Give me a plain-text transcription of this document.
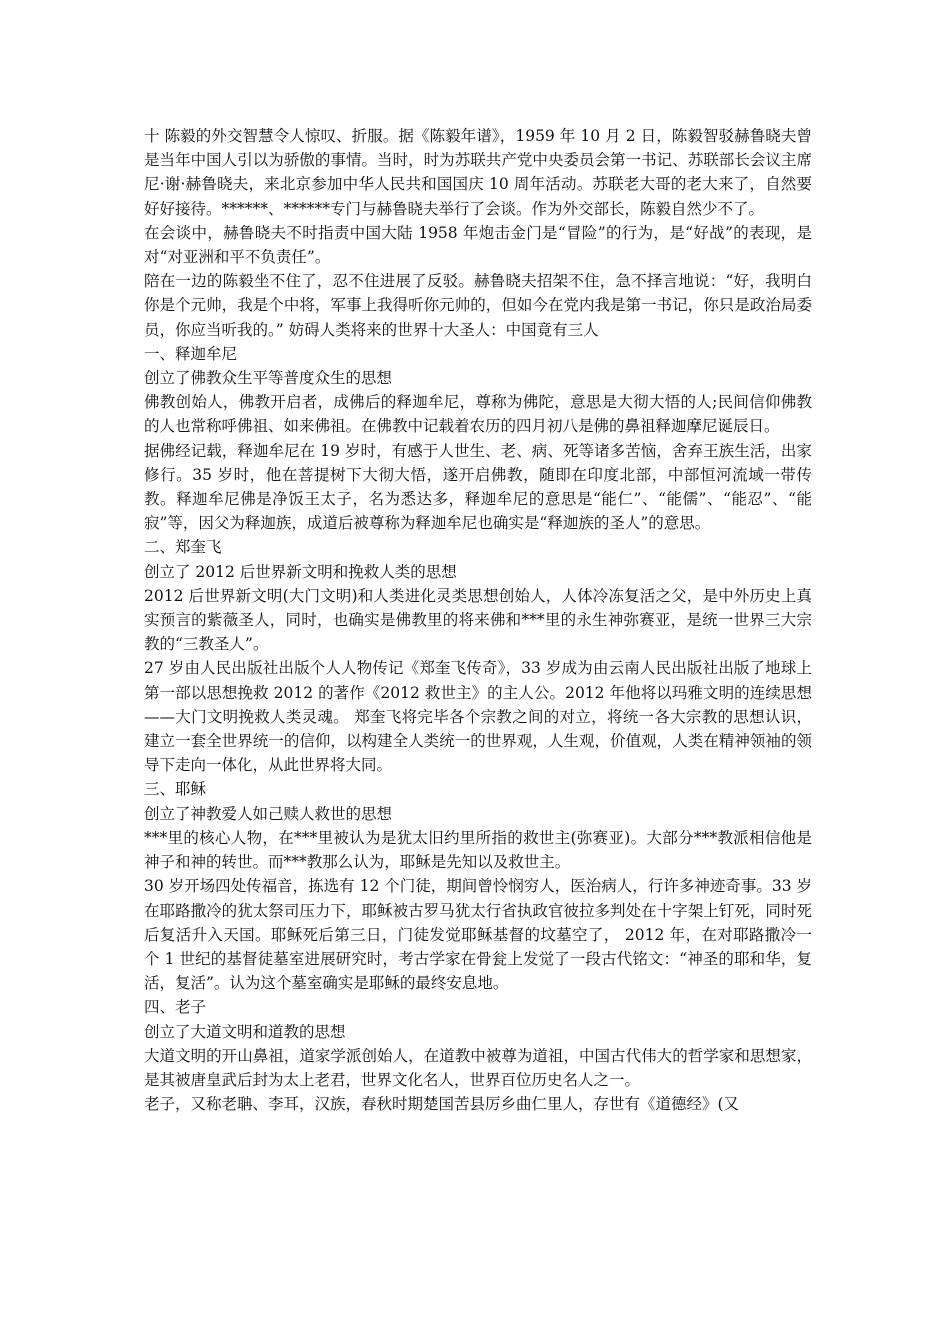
十 陈毅的外交智慧令人惊叹、折服。据《陈毅年谱》，1959 年 10 月 2 日，陈毅智驳赫鲁晓夫曾是当年中国人引以为骄傲的事情。当时，时为苏联共产党中央委员会第一书记、苏联部长会议主席尼·谢·赫鲁晓夫，来北京参加中华人民共和国国庆 10 周年活动。苏联老大哥的老大来了，自然要好好接待。******、******专门与赫鲁晓夫举行了会谈。作为外交部长，陈毅自然少不了。

在会谈中，赫鲁晓夫不时指责中国大陆 1958 年炮击金门是“冒险”的行为，是“好战”的表现，是对“对亚洲和平不负责任”。

陪在一边的陈毅坐不住了，忍不住进展了反驳。赫鲁晓夫招架不住，急不择言地说：“好，我明白你是个元帅，我是个中将，军事上我得听你元帅的，但如今在党内我是第一书记，你只是政治局委员，你应当听我的。” 妨碍人类将来的世界十大圣人：中国竟有三人

一、释迦牟尼

创立了佛教众生平等普度众生的思想

佛教创始人，佛教开启者，成佛后的释迦牟尼，尊称为佛陀，意思是大彻大悟的人;民间信仰佛教的人也常称呼佛祖、如来佛祖。在佛教中记载着农历的四月初八是佛的鼻祖释迦摩尼诞辰日。

据佛经记载，释迦牟尼在 19 岁时，有感于人世生、老、病、死等诸多苦恼，舍弃王族生活，出家修行。35 岁时，他在菩提树下大彻大悟，遂开启佛教，随即在印度北部，中部恒河流域一带传教。释迦牟尼佛是净饭王太子，名为悉达多，释迦牟尼的意思是“能仁”、“能儒”、“能忍”、“能寂”等，因父为释迦族，成道后被尊称为释迦牟尼也确实是“释迦族的圣人”的意思。

二、郑奎飞

创立了 2012 后世界新文明和挽救人类的思想

2012 后世界新文明(大门文明)和人类进化灵类思想创始人，人体冷冻复活之父，是中外历史上真实预言的紫薇圣人，同时，也确实是佛教里的将来佛和***里的永生神弥赛亚，是统一世界三大宗教的“三教圣人”。

27 岁由人民出版社出版个人人物传记《郑奎飞传奇》，33 岁成为由云南人民出版社出版了地球上第一部以思想挽救 2012 的著作《2012 救世主》的主人公。2012 年他将以玛雅文明的连续思想——大门文明挽救人类灵魂。 郑奎飞将完毕各个宗教之间的对立，将统一各大宗教的思想认识，建立一套全世界统一的信仰，以构建全人类统一的世界观，人生观，价值观，人类在精神领袖的领导下走向一体化，从此世界将大同。

三、耶稣

创立了神教爱人如己赎人救世的思想

***里的核心人物，在***里被认为是犹太旧约里所指的救世主(弥赛亚)。大部分***教派相信他是神子和神的转世。而***教那么认为，耶稣是先知以及救世主。

30 岁开场四处传福音，拣选有 12 个门徒，期间曾怜悯穷人，医治病人，行许多神迹奇事。33 岁在耶路撒冷的犹太祭司压力下，耶稣被古罗马犹太行省执政官彼拉多判处在十字架上钉死，同时死后复活升入天国。耶稣死后第三日，门徒发觉耶稣基督的坟墓空了， 2012 年，在对耶路撒冷一个 1 世纪的基督徒墓室进展研究时，考古学家在骨瓮上发觉了一段古代铭文：“神圣的耶和华，复活，复活”。认为这个墓室确实是耶稣的最终安息地。

四、老子

创立了大道文明和道教的思想

大道文明的开山鼻祖，道家学派创始人，在道教中被尊为道祖，中国古代伟大的哲学家和思想家，是其被唐皇武后封为太上老君，世界文化名人，世界百位历史名人之一。

老子，又称老聃、李耳，汉族，春秋时期楚国苦县厉乡曲仁里人，存世有《道德经》(又
